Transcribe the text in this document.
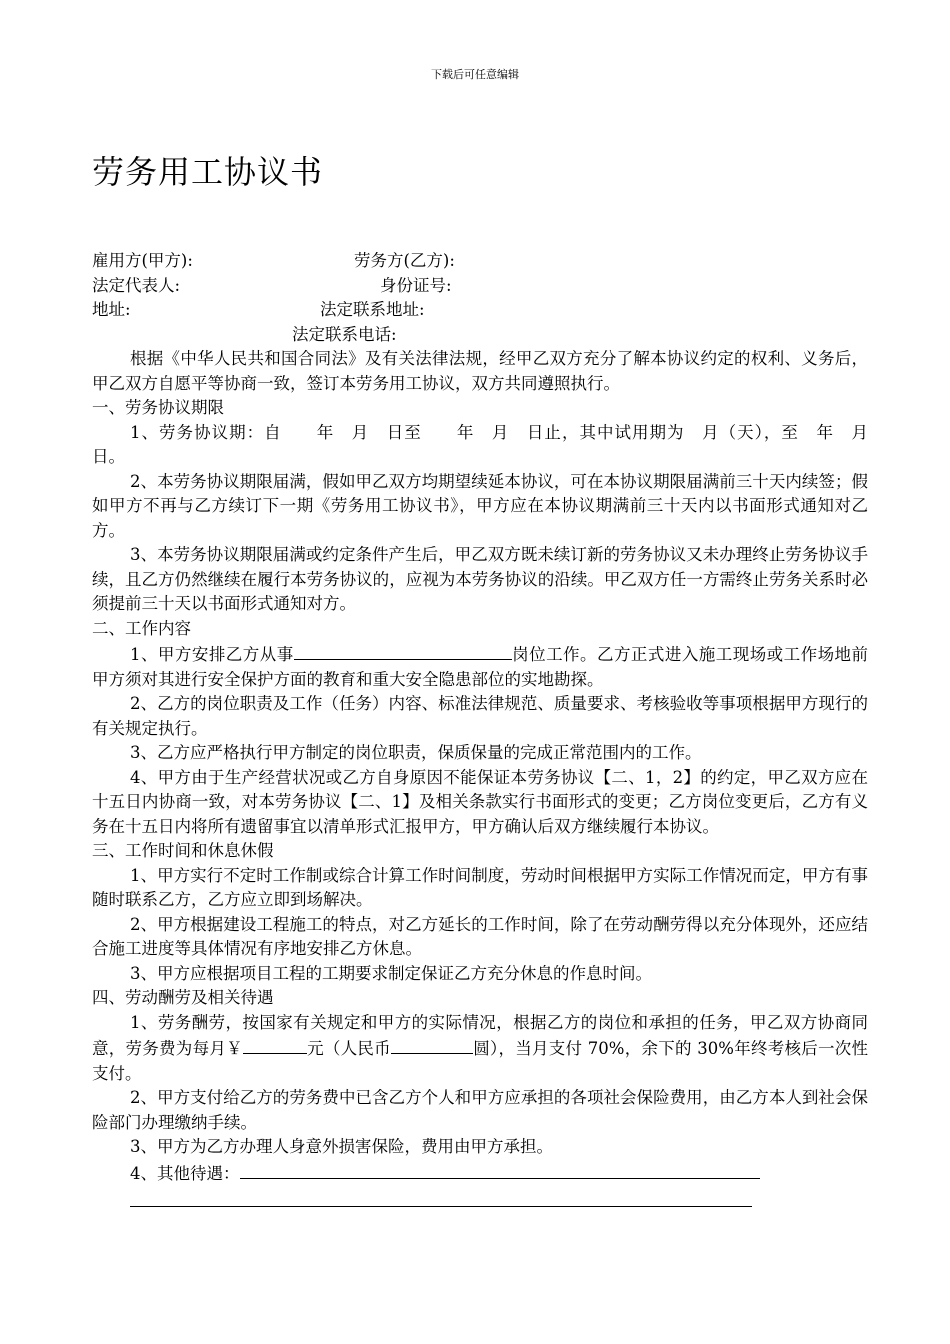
下载后可任意编辑
劳务用工协议书
雇用方(甲方):	劳务方(乙方):
法定代表人:	身份证号:
地址:	法定联系地址:
法定联系电话:

根据《中华人民共和国合同法》及有关法律法规，经甲乙双方充分了解本协议约定的权利、义务后，甲乙双方自愿平等协商一致，签订本劳务用工协议，双方共同遵照执行。

一、劳务协议期限

1、劳务协议期：自　　年　月　日至　　年　月　日止，其中试用期为　月（天），至　年　月　日。

2、本劳务协议期限届满，假如甲乙双方均期望续延本协议，可在本协议期限届满前三十天内续签；假如甲方不再与乙方续订下一期《劳务用工协议书》，甲方应在本协议期满前三十天内以书面形式通知对乙方。

3、本劳务协议期限届满或约定条件产生后，甲乙双方既未续订新的劳务协议又未办理终止劳务协议手续，且乙方仍然继续在履行本劳务协议的，应视为本劳务协议的沿续。甲乙双方任一方需终止劳务关系时必须提前三十天以书面形式通知对方。

二、工作内容

1、甲方安排乙方从事	岗位工作。乙方正式进入施工现场或工作场地前甲方须对其进行安全保护方面的教育和重大安全隐患部位的实地勘探。

2、乙方的岗位职责及工作（任务）内容、标准法律规范、质量要求、考核验收等事项根据甲方现行的有关规定执行。

3、乙方应严格执行甲方制定的岗位职责，保质保量的完成正常范围内的工作。

4、甲方由于生产经营状况或乙方自身原因不能保证本劳务协议【二、1，2】的约定，甲乙双方应在十五日内协商一致，对本劳务协议【二、1】及相关条款实行书面形式的变更；乙方岗位变更后，乙方有义务在十五日内将所有遗留事宜以清单形式汇报甲方，甲方确认后双方继续履行本协议。

三、工作时间和休息休假

1、甲方实行不定时工作制或综合计算工作时间制度，劳动时间根据甲方实际工作情况而定，甲方有事随时联系乙方，乙方应立即到场解决。

2、甲方根据建设工程施工的特点，对乙方延长的工作时间，除了在劳动酬劳得以充分体现外，还应结合施工进度等具体情况有序地安排乙方休息。

3、甲方应根据项目工程的工期要求制定保证乙方充分休息的作息时间。

四、劳动酬劳及相关待遇

1、劳务酬劳，按国家有关规定和甲方的实际情况，根据乙方的岗位和承担的任务，甲乙双方协商同意，劳务费为每月￥	元（人民币	圆），当月支付 70%，余下的 30%年终考核后一次性支付。

2、甲方支付给乙方的劳务费中已含乙方个人和甲方应承担的各项社会保险费用，由乙方本人到社会保险部门办理缴纳手续。

3、甲方为乙方办理人身意外损害保险，费用由甲方承担。

4、其他待遇：
